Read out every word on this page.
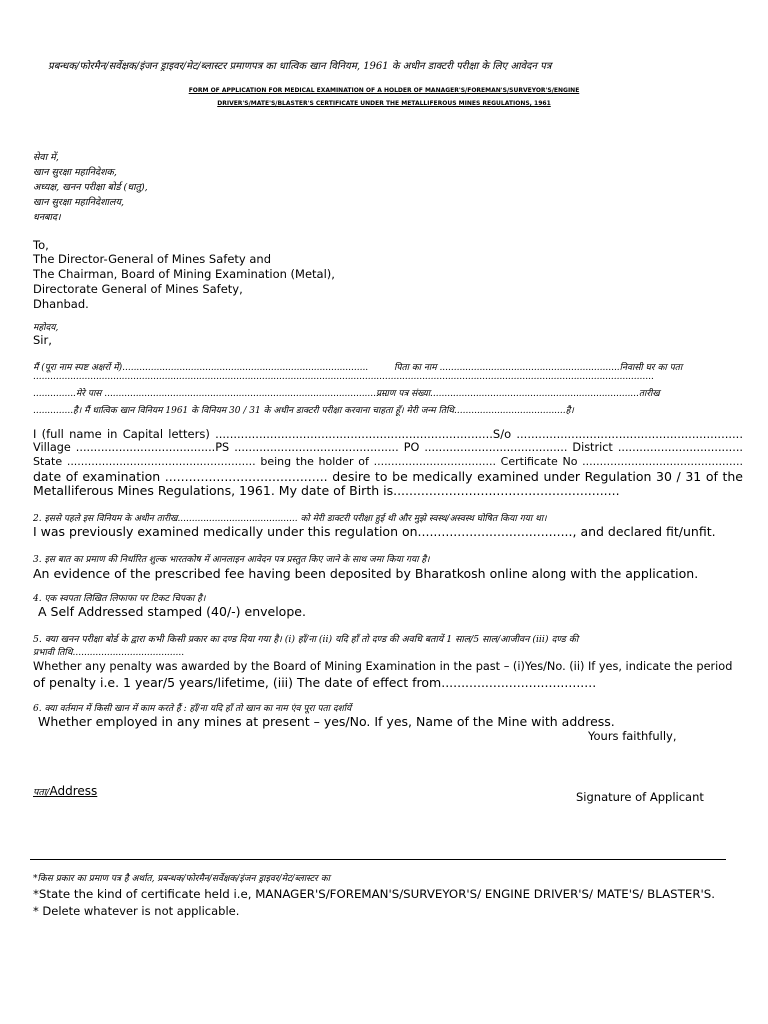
प्रबन्धक/फोरमैन/सर्वेक्षक/इंजन ड्राइवर/मेट/ब्लास्टर प्रमाणपत्र का धात्विक खान विनियम, 1961 के अधीन डाक्टरी परीक्षा के लिए आवेदन पत्र
FORM OF APPLICATION FOR MEDICAL EXAMINATION OF A HOLDER OF MANAGER'S/FOREMAN'S/SURVEYOR'S/ENGINE
DRIVER'S/MATE'S/BLASTER'S CERTIFICATE UNDER THE METALLIFEROUS MINES REGULATIONS, 1961
सेवा में,
खान सुरक्षा महानिदेशक,
अध्यक्ष, खनन परीक्षा बोर्ड (धातु),
खान सुरक्षा महानिदेशालय,
धनबाद।
To,
The Director-General of Mines Safety and
The Chairman, Board of Mining Examination (Metal),
Directorate General of Mines Safety,
Dhanbad.
महोदय,
Sir,
मैं (पूरा नाम स्पष्ट अक्षरों में)......................................................................................	पिता का नाम ...............................................................निवासी घर का पता
.........................................................................................................................................................................................................................
...............मेरे पास ...................................................................................................
प्रमाण पत्र संख्या.........................................................................तारीख
..............है। मैं धात्विक खान विनियम 1961 के विनियम 30 / 31 के अधीन डाक्टरी परीक्षा करवाना चाहता हूँ। मेरी जन्म तिथि.......................................है।
I (full name in Capital letters) ............................................................................S/o ..............................................................
Village .......................................PS .............................................. PO ........................................ District ...................................
State ...................................................... being the holder of ................................... Certificate No ..............................................
date of examination ......................................... desire to be medically examined under Regulation 30 / 31 of the
Metalliferous Mines Regulations, 1961. My date of Birth is.........................................................
2. इससे पहले इस विनियम के अधीन तारीख.......................................... को मेरी डाक्टरी परीक्षा हुई थी और मुझे स्वस्थ/अस्वस्थ घोषित किया गया था।
I was previously examined medically under this regulation on......................................., and declared fit/unfit.
3. इस बात का प्रमाण की निर्धारित शुल्क भारतकोष में आनलाइन आवेदन पत्र प्रस्तुत किए जाने के साथ जमा किया गया है।
An evidence of the prescribed fee having been deposited by Bharatkosh online along with the application.
4. एक स्वपता लिखित लिफाफा पर टिकट चिपका है।
A Self Addressed stamped (40/-) envelope.
5. क्या खनन परीक्षा बोर्ड के द्वारा कभी किसी प्रकार का दण्ड दिया गया है। (i) हाँ/ना (ii) यदि हाँ तो दण्ड की अवधि बतायें 1 साल/5 साल/आजीवन (iii) दण्ड की
प्रभावी तिथि.......................................
Whether any penalty was awarded by the Board of Mining Examination in the past – (i)Yes/No. (ii) If yes, indicate the period
of penalty i.e. 1 year/5 years/lifetime, (iii) The date of effect from.......................................
6. क्या वर्तमान में किसी खान में काम करते हैं : हाँ/ना यदि हाँ तो खान का नाम एंव पूरा पता दर्शायें
Whether employed in any mines at present – yes/No. If yes, Name of the Mine with address.
Yours faithfully,
पता/Address	Signature of Applicant
*किस प्रकार का प्रमाण पत्र है अर्थात, प्रबन्धक/फोरमैन/सर्वेक्षक/इंजन ड्राइवर/मेट/ब्लास्टर का
*State the kind of certificate held i.e, MANAGER'S/FOREMAN'S/SURVEYOR'S/ ENGINE DRIVER'S/ MATE'S/ BLASTER'S.
* Delete whatever is not applicable.
